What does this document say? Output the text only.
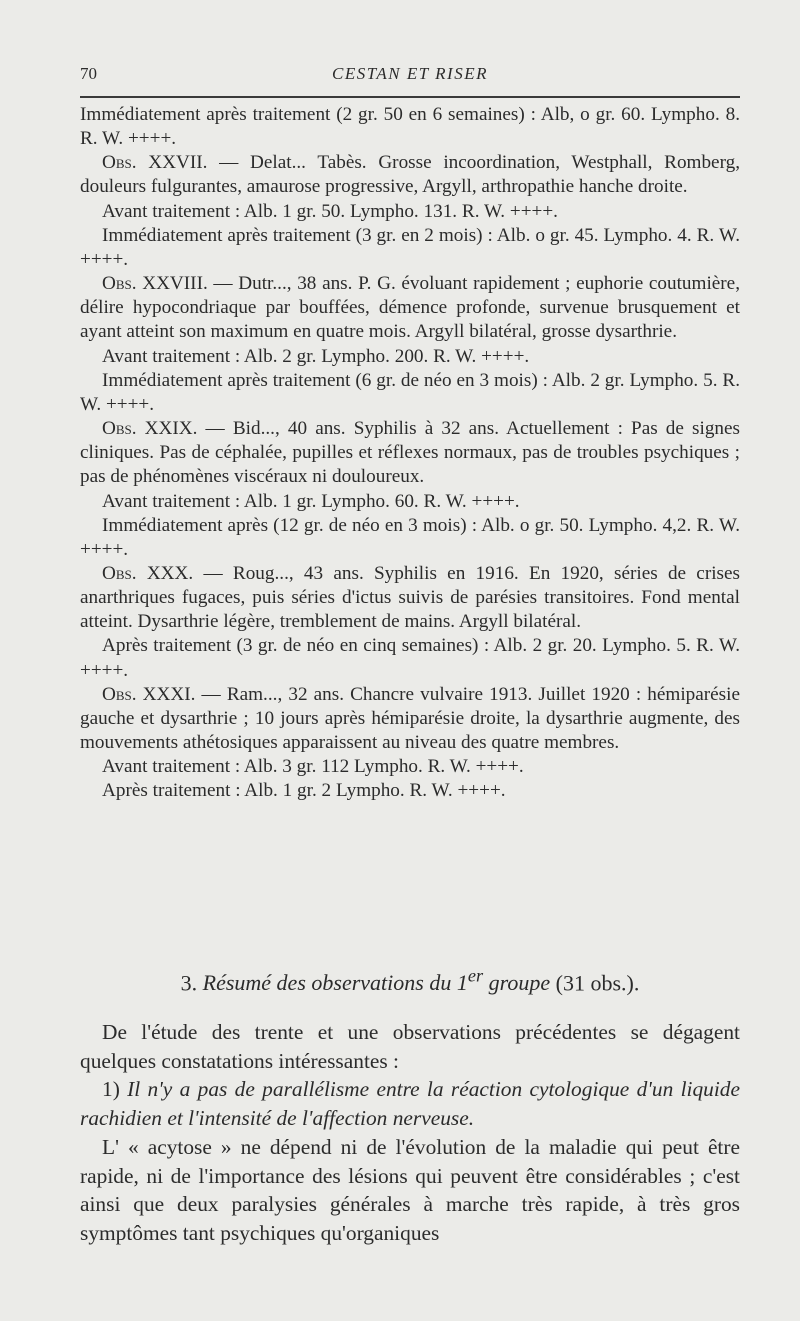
70	CESTAN ET RISER

Immédiatement après traitement (2 gr. 50 en 6 semaines) : Alb, o gr. 60. Lympho. 8. R. W. ++++.

Obs. XXVII. — Delat... Tabès. Grosse incoordination, Westphall, Romberg, douleurs fulgurantes, amaurose progressive, Argyll, arthropathie hanche droite.

Avant traitement : Alb. 1 gr. 50. Lympho. 131. R. W. ++++.

Immédiatement après traitement (3 gr. en 2 mois) : Alb. o gr. 45. Lympho. 4. R. W. ++++.

Obs. XXVIII. — Dutr..., 38 ans. P. G. évoluant rapidement ; euphorie coutumière, délire hypocondriaque par bouffées, démence profonde, survenue brusquement et ayant atteint son maximum en quatre mois. Argyll bilatéral, grosse dysarthrie.

Avant traitement : Alb. 2 gr. Lympho. 200. R. W. ++++.

Immédiatement après traitement (6 gr. de néo en 3 mois) : Alb. 2 gr. Lympho. 5. R. W. ++++.

Obs. XXIX. — Bid..., 40 ans. Syphilis à 32 ans. Actuellement : Pas de signes cliniques. Pas de céphalée, pupilles et réflexes normaux, pas de troubles psychiques ; pas de phénomènes viscéraux ni douloureux.

Avant traitement : Alb. 1 gr. Lympho. 60. R. W. ++++.

Immédiatement après (12 gr. de néo en 3 mois) : Alb. o gr. 50. Lympho. 4,2. R. W. ++++.

Obs. XXX. — Roug..., 43 ans. Syphilis en 1916. En 1920, séries de crises anarthriques fugaces, puis séries d'ictus suivis de parésies transitoires. Fond mental atteint. Dysarthrie légère, tremblement de mains. Argyll bilatéral.

Après traitement (3 gr. de néo en cinq semaines) : Alb. 2 gr. 20. Lympho. 5. R. W. ++++.

Obs. XXXI. — Ram..., 32 ans. Chancre vulvaire 1913. Juillet 1920 : hémiparésie gauche et dysarthrie ; 10 jours après hémiparésie droite, la dysarthrie augmente, des mouvements athétosiques apparaissent au niveau des quatre membres.

Avant traitement : Alb. 3 gr. 112 Lympho. R. W. ++++.

Après traitement : Alb. 1 gr. 2 Lympho. R. W. ++++.

3. Résumé des observations du 1er groupe (31 obs.).

De l'étude des trente et une observations précédentes se dégagent quelques constatations intéressantes :

1) Il n'y a pas de parallélisme entre la réaction cytologique d'un liquide rachidien et l'intensité de l'affection nerveuse.

L' « acytose » ne dépend ni de l'évolution de la maladie qui peut être rapide, ni de l'importance des lésions qui peuvent être considérables ; c'est ainsi que deux paralysies générales à marche très rapide, à très gros symptômes tant psychiques qu'organiques
